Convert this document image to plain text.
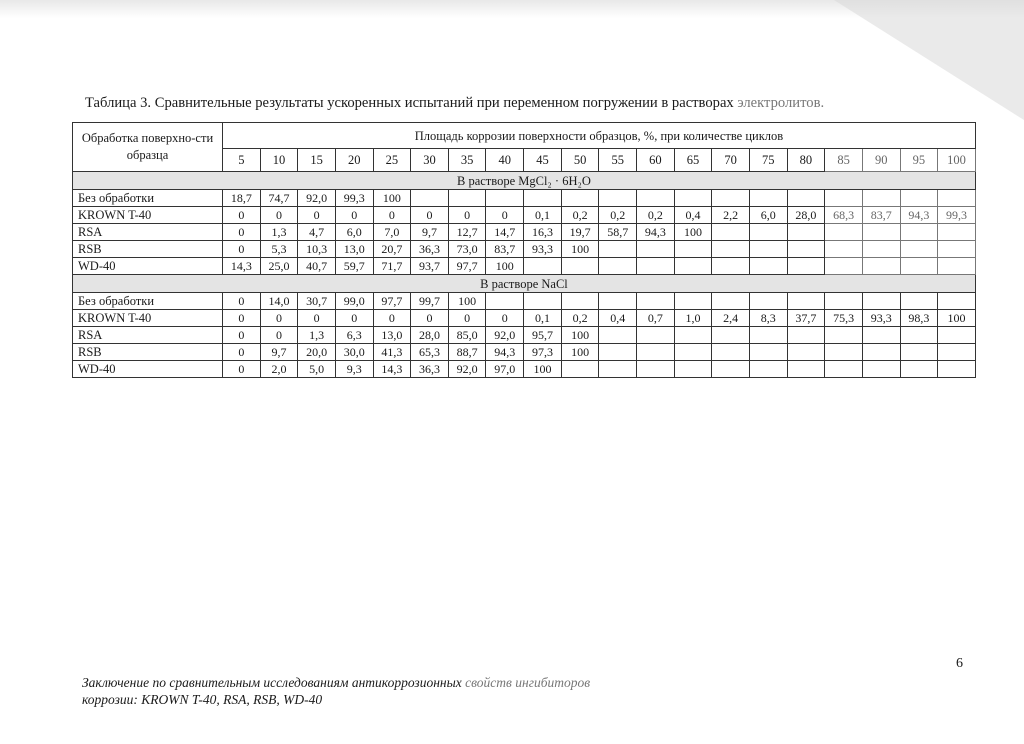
Таблица 3. Сравнительные результаты ускоренных испытаний при переменном погружении в растворах электролитов.
Обработка поверхно-сти образца	Площадь коррозии поверхности образцов, %, при количестве циклов																			
	5	10	15	20	25	30	35	40	45	50	55	60	65	70	75	80	85	90	95	100
В растворе MgCl₂ · 6H₂O																				
Без обработки	18,7	74,7	92,0	99,3	100															
KROWN T-40	0	0	0	0	0	0	0	0	0,1	0,2	0,2	0,2	0,4	2,2	6,0	28,0	68,3	83,7	94,3	99,3
RSA	0	1,3	4,7	6,0	7,0	9,7	12,7	14,7	16,3	19,7	58,7	94,3	100							
RSB	0	5,3	10,3	13,0	20,7	36,3	73,0	83,7	93,3	100										
WD-40	14,3	25,0	40,7	59,7	71,7	93,7	97,7	100												
В растворе NaCl																				
Без обработки	0	14,0	30,7	99,0	97,7	99,7	100													
KROWN T-40	0	0	0	0	0	0	0	0	0,1	0,2	0,4	0,7	1,0	2,4	8,3	37,7	75,3	93,3	98,3	100
RSA	0	0	1,3	6,3	13,0	28,0	85,0	92,0	95,7	100										
RSB	0	9,7	20,0	30,0	41,3	65,3	88,7	94,3	97,3	100										
WD-40	0	2,0	5,0	9,3	14,3	36,3	92,0	97,0	100											
6
Заключение по сравнительным исследованиям антикоррозионных свойств ингибиторов
коррозии: KROWN T-40, RSA, RSB, WD-40
